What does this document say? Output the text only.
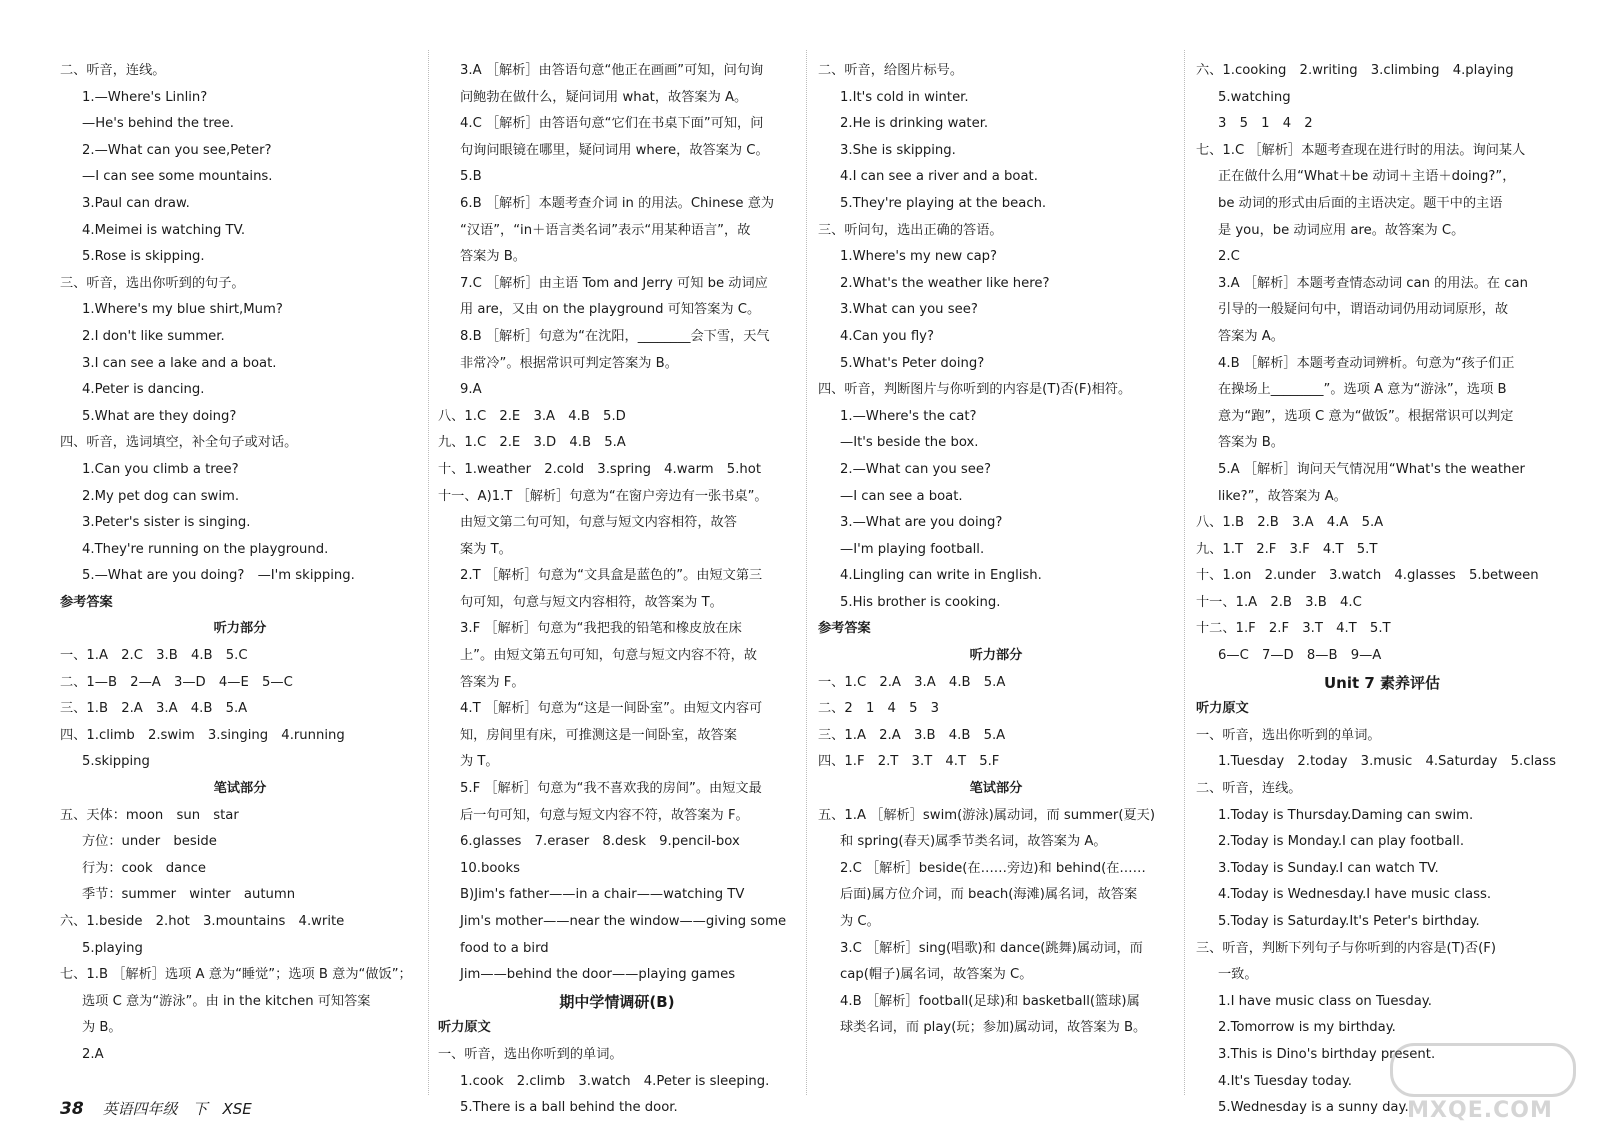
二、听音，连线。
1.—Where's Linlin?
—He's behind the tree.
2.—What can you see,Peter?
—I can see some mountains.
3.Paul can draw.
4.Meimei is watching TV.
5.Rose is skipping.
三、听音，选出你听到的句子。
1.Where's my blue shirt,Mum?
2.I don't like summer.
3.I can see a lake and a boat.
4.Peter is dancing.
5.What are they doing?
四、听音，选词填空，补全句子或对话。
1.Can you climb a tree?
2.My pet dog can swim.
3.Peter's sister is singing.
4.They're running on the playground.
5.—What are you doing?　—I'm skipping.
参考答案
听力部分
一、1.A　2.C　3.B　4.B　5.C
二、1—B　2—A　3—D　4—E　5—C
三、1.B　2.A　3.A　4.B　5.A
四、1.climb　2.swim　3.singing　4.running
5.skipping
笔试部分
五、天体：moon　sun　star
方位：under　beside
行为：cook　dance
季节：summer　winter　autumn
六、1.beside　2.hot　3.mountains　4.write
5.playing
七、1.B ［解析］选项 A 意为“睡觉”；选项 B 意为“做饭”；
选项 C 意为“游泳”。由 in the kitchen 可知答案
为 B。
2.A
3.A ［解析］由答语句意“他正在画画”可知，问句询
问鲍勃在做什么，疑问词用 what，故答案为 A。
4.C ［解析］由答语句意“它们在书桌下面”可知，问
句询问眼镜在哪里，疑问词用 where，故答案为 C。
5.B
6.B ［解析］本题考查介词 in 的用法。Chinese 意为
“汉语”，“in＋语言类名词”表示“用某种语言”，故
答案为 B。
7.C ［解析］由主语 Tom and Jerry 可知 be 动词应
用 are，又由 on the playground 可知答案为 C。
8.B ［解析］句意为“在沈阳，________会下雪，天气
非常冷”。根据常识可判定答案为 B。
9.A
八、1.C　2.E　3.A　4.B　5.D
九、1.C　2.E　3.D　4.B　5.A
十、1.weather　2.cold　3.spring　4.warm　5.hot
十一、A)1.T ［解析］句意为“在窗户旁边有一张书桌”。
由短文第二句可知，句意与短文内容相符，故答
案为 T。
2.T ［解析］句意为“文具盒是蓝色的”。由短文第三
句可知，句意与短文内容相符，故答案为 T。
3.F ［解析］句意为“我把我的铅笔和橡皮放在床
上”。由短文第五句可知，句意与短文内容不符，故
答案为 F。
4.T ［解析］句意为“这是一间卧室”。由短文内容可
知，房间里有床，可推测这是一间卧室，故答案
为 T。
5.F ［解析］句意为“我不喜欢我的房间”。由短文最
后一句可知，句意与短文内容不符，故答案为 F。
6.glasses　7.eraser　8.desk　9.pencil-box
10.books
B)Jim's father——in a chair——watching TV
Jim's mother——near the window——giving some
food to a bird
Jim——behind the door——playing games
期中学情调研(B)
听力原文
一、听音，选出你听到的单词。
1.cook　2.climb　3.watch　4.Peter is sleeping.
5.There is a ball behind the door.
二、听音，给图片标号。
1.It's cold in winter.
2.He is drinking water.
3.She is skipping.
4.I can see a river and a boat.
5.They're playing at the beach.
三、听问句，选出正确的答语。
1.Where's my new cap?
2.What's the weather like here?
3.What can you see?
4.Can you fly?
5.What's Peter doing?
四、听音，判断图片与你听到的内容是(T)否(F)相符。
1.—Where's the cat?
—It's beside the box.
2.—What can you see?
—I can see a boat.
3.—What are you doing?
—I'm playing football.
4.Lingling can write in English.
5.His brother is cooking.
参考答案
听力部分
一、1.C　2.A　3.A　4.B　5.A
二、2　1　4　5　3
三、1.A　2.A　3.B　4.B　5.A
四、1.F　2.T　3.T　4.T　5.F
笔试部分
五、1.A ［解析］swim(游泳)属动词，而 summer(夏天)
和 spring(春天)属季节类名词，故答案为 A。
2.C ［解析］beside(在……旁边)和 behind(在……
后面)属方位介词，而 beach(海滩)属名词，故答案
为 C。
3.C ［解析］sing(唱歌)和 dance(跳舞)属动词，而
cap(帽子)属名词，故答案为 C。
4.B ［解析］football(足球)和 basketball(篮球)属
球类名词，而 play(玩；参加)属动词，故答案为 B。
六、1.cooking　2.writing　3.climbing　4.playing
5.watching
3　5　1　4　2
七、1.C ［解析］本题考查现在进行时的用法。询问某人
正在做什么用“What＋be 动词＋主语＋doing?”，
be 动词的形式由后面的主语决定。题干中的主语
是 you，be 动词应用 are。故答案为 C。
2.C
3.A ［解析］本题考查情态动词 can 的用法。在 can
引导的一般疑问句中，谓语动词仍用动词原形，故
答案为 A。
4.B ［解析］本题考查动词辨析。句意为“孩子们正
在操场上________”。选项 A 意为“游泳”，选项 B
意为“跑”，选项 C 意为“做饭”。根据常识可以判定
答案为 B。
5.A ［解析］询问天气情况用“What's the weather
like?”，故答案为 A。
八、1.B　2.B　3.A　4.A　5.A
九、1.T　2.F　3.F　4.T　5.T
十、1.on　2.under　3.watch　4.glasses　5.between
十一、1.A　2.B　3.B　4.C
十二、1.F　2.F　3.T　4.T　5.T
6—C　7—D　8—B　9—A
Unit 7 素养评估
听力原文
一、听音，选出你听到的单词。
1.Tuesday　2.today　3.music　4.Saturday　5.class
二、听音，连线。
1.Today is Thursday.Daming can swim.
2.Today is Monday.I can play football.
3.Today is Sunday.I can watch TV.
4.Today is Wednesday.I have music class.
5.Today is Saturday.It's Peter's birthday.
三、听音，判断下列句子与你听到的内容是(T)否(F)
一致。
1.I have music class on Tuesday.
2.Tomorrow is my birthday.
3.This is Dino's birthday present.
4.It's Tuesday today.
5.Wednesday is a sunny day.
38 英语四年级　下　XSE	MXQE.COM
